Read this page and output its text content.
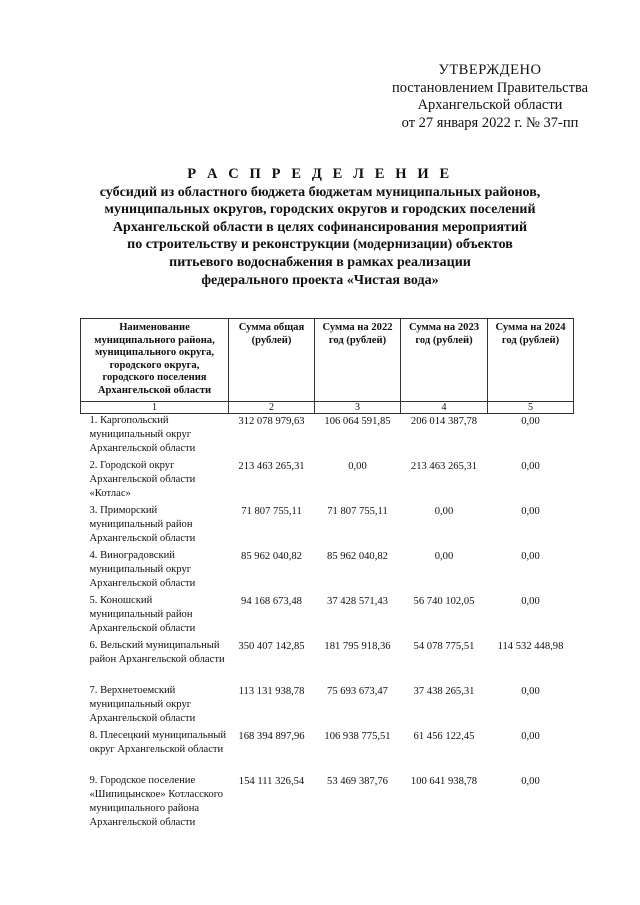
УТВЕРЖДЕНО
постановлением Правительства
Архангельской области
от 27 января 2022 г. № 37-пп
Р А С П Р Е Д Е Л Е Н И Е
субсидий из областного бюджета бюджетам муниципальных районов,
муниципальных округов, городских округов и городских поселений
Архангельской области в целях софинансирования мероприятий
по строительству и реконструкции (модернизации) объектов
питьевого водоснабжения в рамках реализации
федерального проекта «Чистая вода»
Наименование муниципального района, муниципального округа, городского округа, городского поселения Архангельской области	Сумма общая (рублей)	Сумма на 2022 год (рублей)	Сумма на 2023 год (рублей)	Сумма на 2024 год (рублей)
1	2	3	4	5
1. Каргопольский муниципальный округ Архангельской области	312 078 979,63	106 064 591,85	206 014 387,78	0,00
2. Городской округ Архангельской области «Котлас»	213 463 265,31	0,00	213 463 265,31	0,00
3. Приморский муниципальный район Архангельской области	71 807 755,11	71 807 755,11	0,00	0,00
4. Виноградовский муниципальный округ Архангельской области	85 962 040,82	85 962 040,82	0,00	0,00
5. Коношский муниципальный район Архангельской области	94 168 673,48	37 428 571,43	56 740 102,05	0,00
6. Вельский муниципальный район Архангельской области	350 407 142,85	181 795 918,36	54 078 775,51	114 532 448,98
7. Верхнетоемский муниципальный округ Архангельской области	113 131 938,78	75 693 673,47	37 438 265,31	0,00
8. Плесецкий муниципальный округ Архангельской области	168 394 897,96	106 938 775,51	61 456 122,45	0,00
9. Городское поселение «Шипицынское» Котласского муниципального района Архангельской области	154 111 326,54	53 469 387,76	100 641 938,78	0,00
